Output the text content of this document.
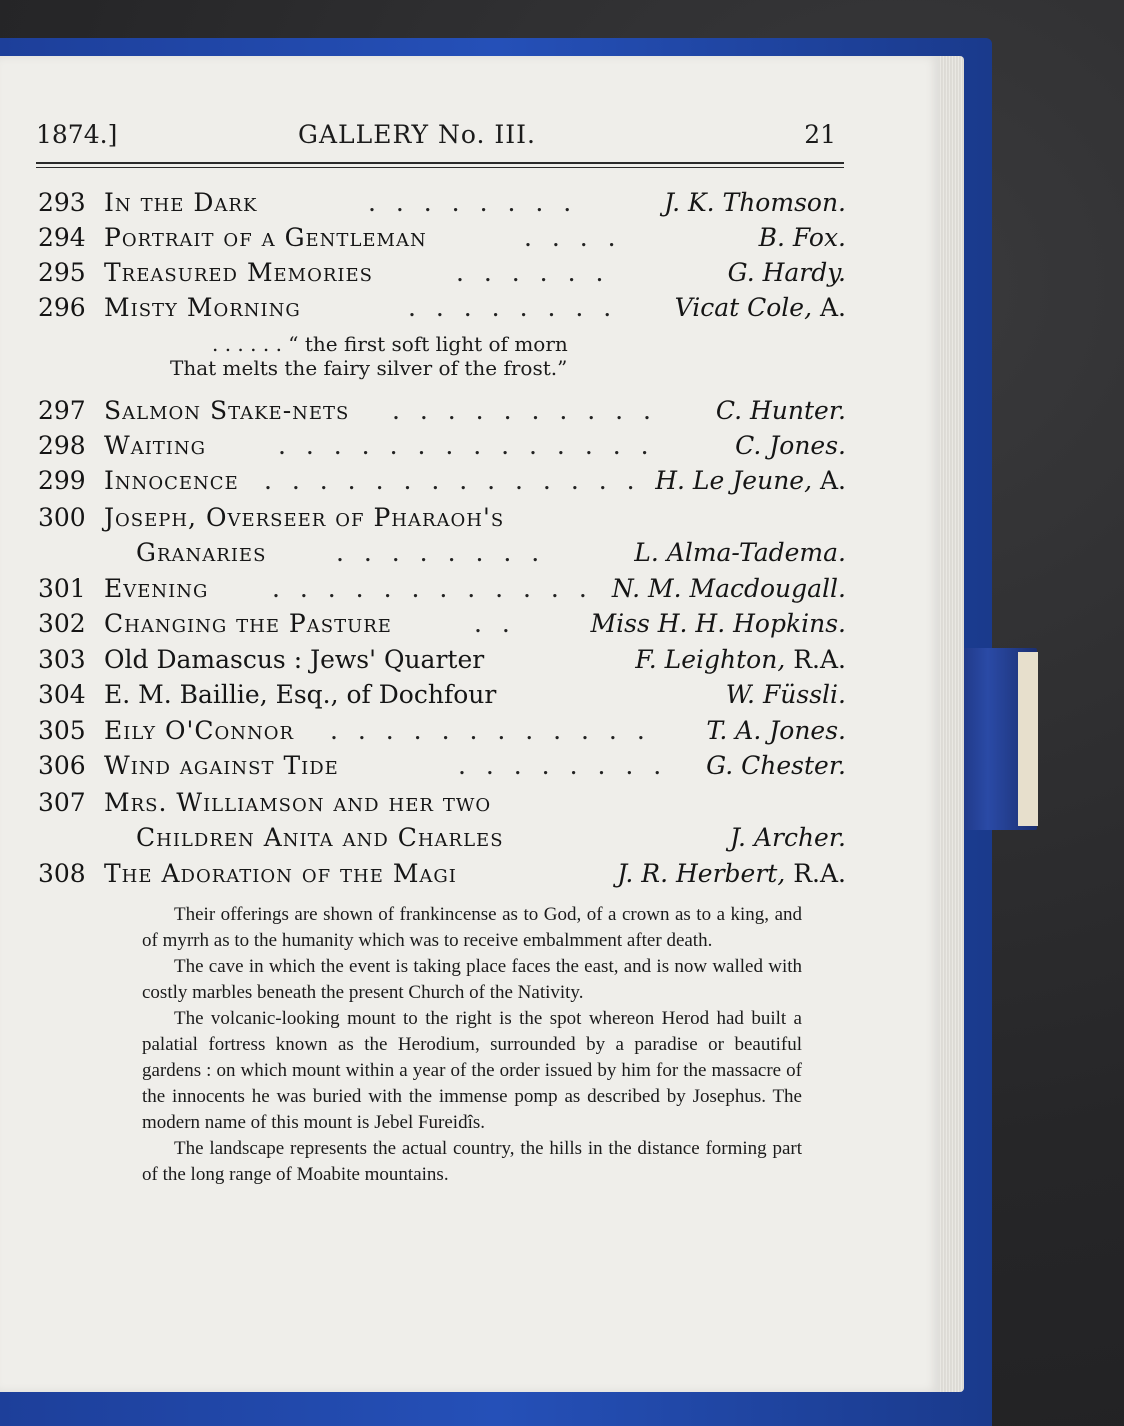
1874.]	GALLERY No. III.	21
293 In the Dark	. . . . . . . .	J. K. Thomson.
294 Portrait of a Gentleman	. . . .	B. Fox.
295 Treasured Memories	. . . . . .	G. Hardy.
296 Misty Morning	. . . . . . . . Vicat Cole, A.
. . . . . . “ the first soft light of morn
That melts the fairy silver of the frost.”
297 Salmon Stake-nets . . . . . . . . . . C. Hunter.
298 Waiting	. . . . . . . . . . . . . .	C. Jones.
299 Innocence . . . . . . . . . . . . . . H. Le Jeune, A.
300 Joseph, Overseer of Pharaoh's
Granaries	. . . . . . . .	L. Alma-Tadema.
301 Evening	. . . . . . . . . . . . N. M. Macdougall.
302 Changing the Pasture	. .	Miss H. H. Hopkins.
303 Old Damascus : Jews' Quarter	F. Leighton, R.A.
304 E. M. Baillie, Esq., of Dochfour	W. Füssli.
305 Eily O'Connor . . . . . . . . . . . . T. A. Jones.
306 Wind against Tide	. . . . . . . . G. Chester.
307 Mrs. Williamson and her two
Children Anita and Charles	J. Archer.
308 The Adoration of the Magi	J. R. Herbert, R.A.

Their offerings are shown of frankincense as to God, of a crown as to a king, and of myrrh as to the humanity which was to receive embalmment after death.

The cave in which the event is taking place faces the east, and is now walled with costly marbles beneath the present Church of the Nativity.

The volcanic-looking mount to the right is the spot whereon Herod had built a palatial fortress known as the Herodium, surrounded by a paradise or beautiful gardens : on which mount within a year of the order issued by him for the massacre of the innocents he was buried with the immense pomp as described by Josephus. The modern name of this mount is Jebel Fureidîs.

The landscape represents the actual country, the hills in the distance forming part of the long range of Moabite mountains.
